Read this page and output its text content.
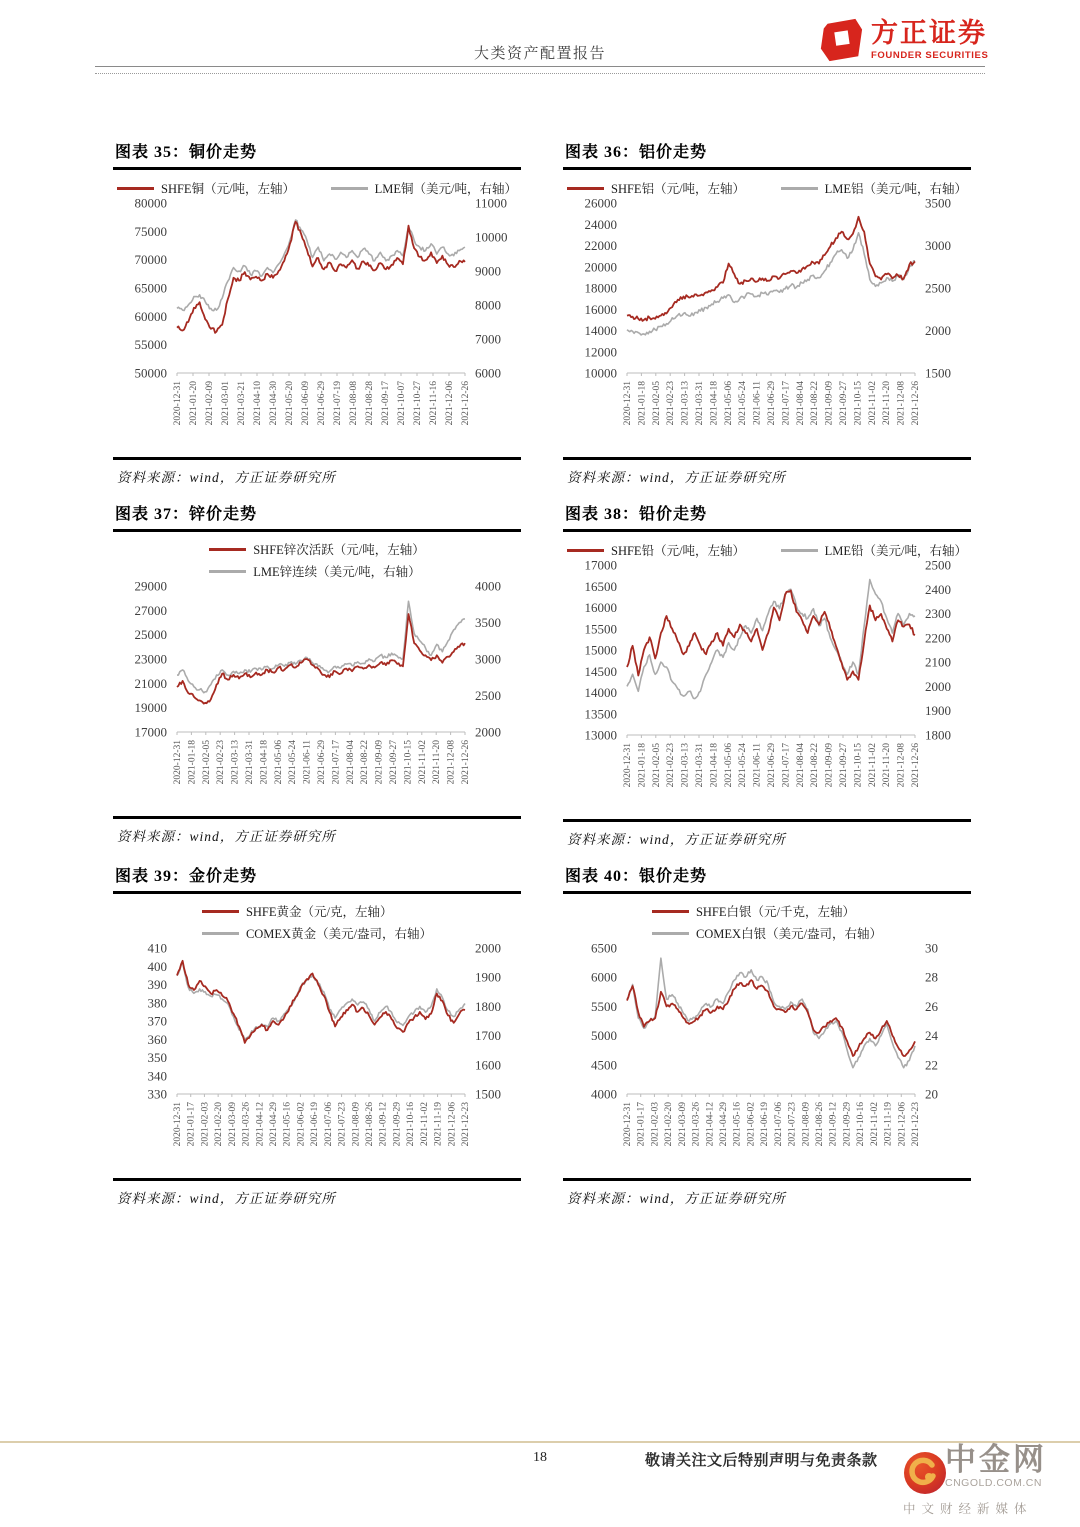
大类资产配置报告
方正证券
FOUNDER SECURITIES
图表 35：铜价走势
SHFE铜（元/吨，左轴）	LME铜（美元/吨，右轴）
2020-12-31 2021-01-20 2021-02-09 2021-03-01 2021-03-21 2021-04-10 2021-04-30 2021-05-20 2021-06-09 2021-06-29 2021-07-19 2021-08-08 2021-08-28 2021-09-17 2021-10-07 2021-10-27 2021-11-16 2021-12-06 2021-12-26
80000
75000
70000
65000
60000
55000
50000
11000
10000
9000
8000
7000
6000
资料来源：wind，方正证券研究所
图表 36：铝价走势
SHFE铝（元/吨，左轴）	LME铝（美元/吨，右轴）
2020-12-31 2021-01-18 2021-02-05 2021-02-23 2021-03-13 2021-03-31 2021-04-18 2021-05-06 2021-05-24 2021-06-11 2021-06-29 2021-07-17 2021-08-04 2021-08-22 2021-09-09 2021-09-27 2021-10-15 2021-11-02 2021-11-20 2021-12-08 2021-12-26
26000
24000
22000
20000
18000
16000
14000
12000
10000
3500
3000
2500
2000
1500
资料来源：wind，方正证券研究所
图表 37：锌价走势
SHFE锌次活跃（元/吨，左轴）
LME锌连续（美元/吨，右轴）
2020-12-31 2021-01-18 2021-02-05 2021-02-23 2021-03-13 2021-03-31 2021-04-18 2021-05-06 2021-05-24 2021-06-11 2021-06-29 2021-07-17 2021-08-04 2021-08-22 2021-09-09 2021-09-27 2021-10-15 2021-11-02 2021-11-20 2021-12-08 2021-12-26
29000
27000
25000
23000
21000
19000
17000
4000
3500
3000
2500
2000
资料来源：wind，方正证券研究所
图表 38：铅价走势
SHFE铅（元/吨，左轴）	LME铅（美元/吨，右轴）
2020-12-31 2021-01-18 2021-02-05 2021-02-23 2021-03-13 2021-03-31 2021-04-18 2021-05-06 2021-05-24 2021-06-11 2021-06-29 2021-07-17 2021-08-04 2021-08-22 2021-09-09 2021-09-27 2021-10-15 2021-11-02 2021-11-20 2021-12-08 2021-12-26
17000
16500
16000
15500
15000
14500
14000
13500
13000
2500
2400
2300
2200
2100
2000
1900
1800
资料来源：wind，方正证券研究所
图表 39：金价走势
SHFE黄金（元/克，左轴）
COMEX黄金（美元/盎司，右轴）
2020-12-31 2021-01-17 2021-02-03 2021-02-20 2021-03-09 2021-03-26 2021-04-12 2021-04-29 2021-05-16 2021-06-02 2021-06-19 2021-07-06 2021-07-23 2021-08-09 2021-08-26 2021-09-12 2021-09-29 2021-10-16 2021-11-02 2021-11-19 2021-12-06 2021-12-23
410
400
390
380
370
360
350
340
330
2000
1900
1800
1700
1600
1500
资料来源：wind，方正证券研究所
图表 40：银价走势
SHFE白银（元/千克，左轴）
COMEX白银（美元/盎司，右轴）
2020-12-31 2021-01-17 2021-02-03 2021-02-20 2021-03-09 2021-03-26 2021-04-12 2021-04-29 2021-05-16 2021-06-02 2021-06-19 2021-07-06 2021-07-23 2021-08-09 2021-08-26 2021-09-12 2021-09-29 2021-10-16 2021-11-02 2021-11-19 2021-12-06 2021-12-23
6500
6000
5500
5000
4500
4000
30
28
26
24
22
20
资料来源：wind，方正证券研究所
18	敬请关注文后特别声明与免责条款	中金网
CNGOLD.COM.CN
中文财经新媒体
